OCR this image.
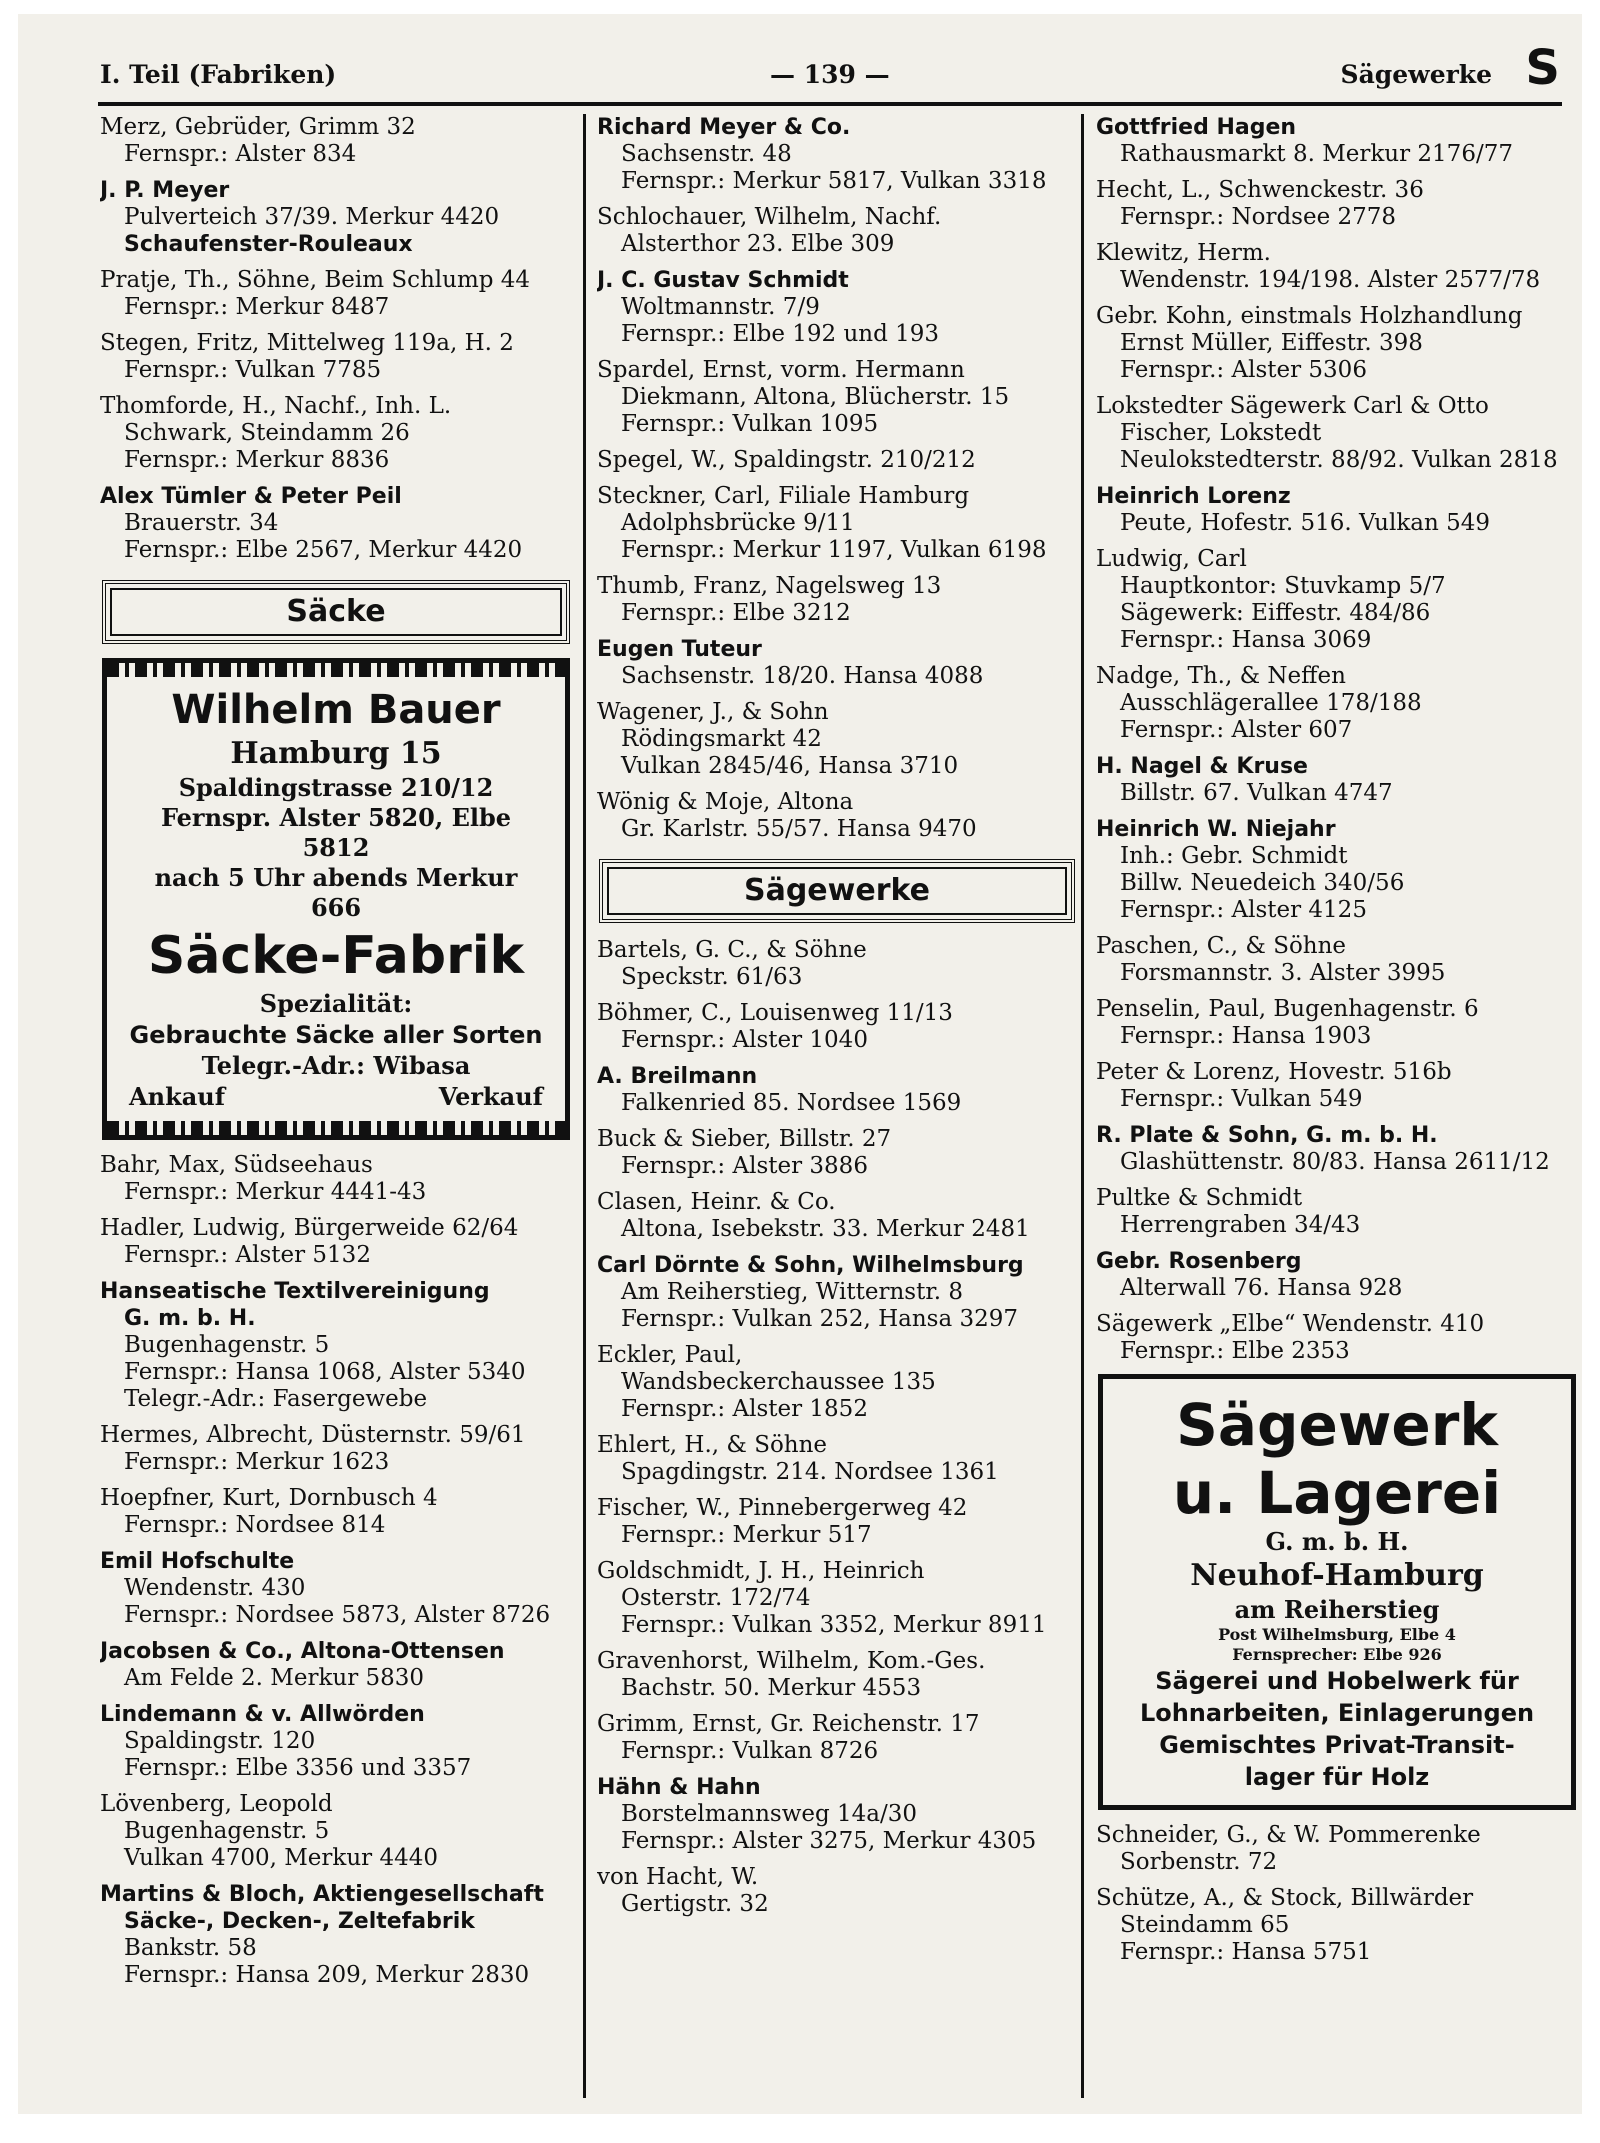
I. Teil (Fabriken)	— 139 —	Sägewerke S
Merz, Gebrüder, Grimm 32
Fernspr.: Alster 834
J. P. Meyer
Pulverteich 37/39. Merkur 4420
Schaufenster-Rouleaux
Pratje, Th., Söhne, Beim Schlump 44
Fernspr.: Merkur 8487
Stegen, Fritz, Mittelweg 119a, H. 2
Fernspr.: Vulkan 7785
Thomforde, H., Nachf., Inh. L.
Schwark, Steindamm 26
Fernspr.: Merkur 8836
Alex Tümler & Peter Peil
Brauerstr. 34
Fernspr.: Elbe 2567, Merkur 4420
Säcke
Wilhelm Bauer
Hamburg 15
Spaldingstrasse 210/12
Fernspr. Alster 5820, Elbe 5812
nach 5 Uhr abends Merkur 666
Säcke-Fabrik
Spezialität:
Gebrauchte Säcke aller Sorten
Telegr.-Adr.: Wibasa
Ankauf	Verkauf
Bahr, Max, Südseehaus
Fernspr.: Merkur 4441-43
Hadler, Ludwig, Bürgerweide 62/64
Fernspr.: Alster 5132
Hanseatische Textilvereinigung
G. m. b. H.
Bugenhagenstr. 5
Fernspr.: Hansa 1068, Alster 5340
Telegr.-Adr.: Fasergewebe
Hermes, Albrecht, Düsternstr. 59/61
Fernspr.: Merkur 1623
Hoepfner, Kurt, Dornbusch 4
Fernspr.: Nordsee 814
Emil Hofschulte
Wendenstr. 430
Fernspr.: Nordsee 5873, Alster 8726
Jacobsen & Co., Altona-Ottensen
Am Felde 2. Merkur 5830
Lindemann & v. Allwörden
Spaldingstr. 120
Fernspr.: Elbe 3356 und 3357
Lövenberg, Leopold
Bugenhagenstr. 5
Vulkan 4700, Merkur 4440
Martins & Bloch, Aktiengesellschaft
Säcke-, Decken-, Zeltefabrik
Bankstr. 58
Fernspr.: Hansa 209, Merkur 2830
Richard Meyer & Co.
Sachsenstr. 48
Fernspr.: Merkur 5817, Vulkan 3318
Schlochauer, Wilhelm, Nachf.
Alsterthor 23. Elbe 309
J. C. Gustav Schmidt
Woltmannstr. 7/9
Fernspr.: Elbe 192 und 193
Spardel, Ernst, vorm. Hermann
Diekmann, Altona, Blücherstr. 15
Fernspr.: Vulkan 1095
Spegel, W., Spaldingstr. 210/212
Steckner, Carl, Filiale Hamburg
Adolphsbrücke 9/11
Fernspr.: Merkur 1197, Vulkan 6198
Thumb, Franz, Nagelsweg 13
Fernspr.: Elbe 3212
Eugen Tuteur
Sachsenstr. 18/20. Hansa 4088
Wagener, J., & Sohn
Rödingsmarkt 42
Vulkan 2845/46, Hansa 3710
Wönig & Moje, Altona
Gr. Karlstr. 55/57. Hansa 9470
Sägewerke
Bartels, G. C., & Söhne
Speckstr. 61/63
Böhmer, C., Louisenweg 11/13
Fernspr.: Alster 1040
A. Breilmann
Falkenried 85. Nordsee 1569
Buck & Sieber, Billstr. 27
Fernspr.: Alster 3886
Clasen, Heinr. & Co.
Altona, Isebekstr. 33. Merkur 2481
Carl Dörnte & Sohn, Wilhelmsburg
Am Reiherstieg, Witternstr. 8
Fernspr.: Vulkan 252, Hansa 3297
Eckler, Paul,
Wandsbeckerchaussee 135
Fernspr.: Alster 1852
Ehlert, H., & Söhne
Spagdingstr. 214. Nordsee 1361
Fischer, W., Pinnebergerweg 42
Fernspr.: Merkur 517
Goldschmidt, J. H., Heinrich
Osterstr. 172/74
Fernspr.: Vulkan 3352, Merkur 8911
Gravenhorst, Wilhelm, Kom.-Ges.
Bachstr. 50. Merkur 4553
Grimm, Ernst, Gr. Reichenstr. 17
Fernspr.: Vulkan 8726
Hähn & Hahn
Borstelmannsweg 14a/30
Fernspr.: Alster 3275, Merkur 4305
von Hacht, W.
Gertigstr. 32
Gottfried Hagen
Rathausmarkt 8. Merkur 2176/77
Hecht, L., Schwenckestr. 36
Fernspr.: Nordsee 2778
Klewitz, Herm.
Wendenstr. 194/198. Alster 2577/78
Gebr. Kohn, einstmals Holzhandlung
Ernst Müller, Eiffestr. 398
Fernspr.: Alster 5306
Lokstedter Sägewerk Carl & Otto
Fischer, Lokstedt
Neulokstedterstr. 88/92. Vulkan 2818
Heinrich Lorenz
Peute, Hofestr. 516. Vulkan 549
Ludwig, Carl
Hauptkontor: Stuvkamp 5/7
Sägewerk: Eiffestr. 484/86
Fernspr.: Hansa 3069
Nadge, Th., & Neffen
Ausschlägerallee 178/188
Fernspr.: Alster 607
H. Nagel & Kruse
Billstr. 67. Vulkan 4747
Heinrich W. Niejahr
Inh.: Gebr. Schmidt
Billw. Neuedeich 340/56
Fernspr.: Alster 4125
Paschen, C., & Söhne
Forsmannstr. 3. Alster 3995
Penselin, Paul, Bugenhagenstr. 6
Fernspr.: Hansa 1903
Peter & Lorenz, Hovestr. 516b
Fernspr.: Vulkan 549
R. Plate & Sohn, G. m. b. H.
Glashüttenstr. 80/83. Hansa 2611/12
Pultke & Schmidt
Herrengraben 34/43
Gebr. Rosenberg
Alterwall 76. Hansa 928
Sägewerk „Elbe“ Wendenstr. 410
Fernspr.: Elbe 2353
Sägewerk
u. Lagerei
G. m. b. H.
Neuhof-Hamburg
am Reiherstieg
Post Wilhelmsburg, Elbe 4
Fernsprecher: Elbe 926
Sägerei und Hobelwerk für
Lohnarbeiten, Einlagerungen
Gemischtes Privat-Transit-
lager für Holz
Schneider, G., & W. Pommerenke
Sorbenstr. 72
Schütze, A., & Stock, Billwärder
Steindamm 65
Fernspr.: Hansa 5751
